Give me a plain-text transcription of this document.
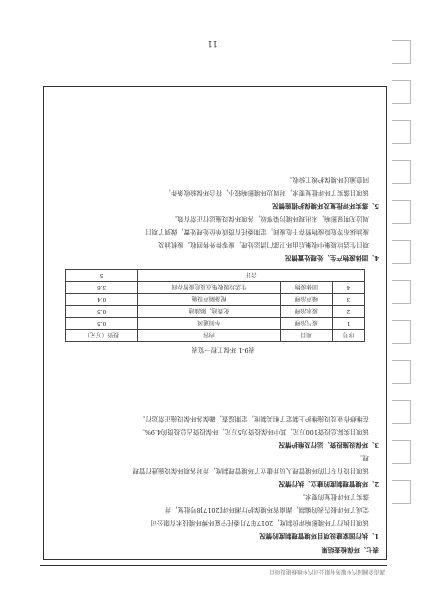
湖南金湘园汽车服务有限公司汽车维修建设项目
表七、环保检查结果
1、执行国家建设项目环境管理制度的情况
该项目执行了环境影响评价制度，2017年7月委托宁夏环博环境技术有限公司
完成了环评报告表的编制，湖南省环境保护厅湘环评[2017]8号批复，并
落实了环评批复的要求。
2、环境管理制度的建立、执行情况
该项目设有专门的环境管理人员并建立了环境管理制度，并对各项环保设施进行管理
理。
3、环保设施投资、运行及维护情况
该项目实际总投资100万元，其中环保投资为5万元，环保投资占总投资的4.9%。
在维修作业及设施维护上制定了相关制度，定期巡查，确保各环保设施正常运行。
表9-1 环保工程一览表
序号	项目	内容	投资（万元）
1	废气治理	车间通风	0.5
2	废水治理	化粪池、隔油池	0.5
3	噪声治理	配备隔声设施	0.4
4	固体废物	生活垃圾收集点及危废暂存间	3.6
合计			5
4、固体废物产生、处理处置情况
项目生活垃圾集中收集后由环卫部门清运处理，废零件外售回收。废机油及
废油抹布等危险废物暂存于危废间，定期委托有资质单位处理处置，做到了项目
周边无明显影响，未出现环境污染事故，各项环保设施运行正常有效。
5、落实环评批复及环境保护措施情况
该项目落实了环评批复要求，对周边环境影响较小，符合环保验收条件，
同意通过环境保护竣工验收。
11
